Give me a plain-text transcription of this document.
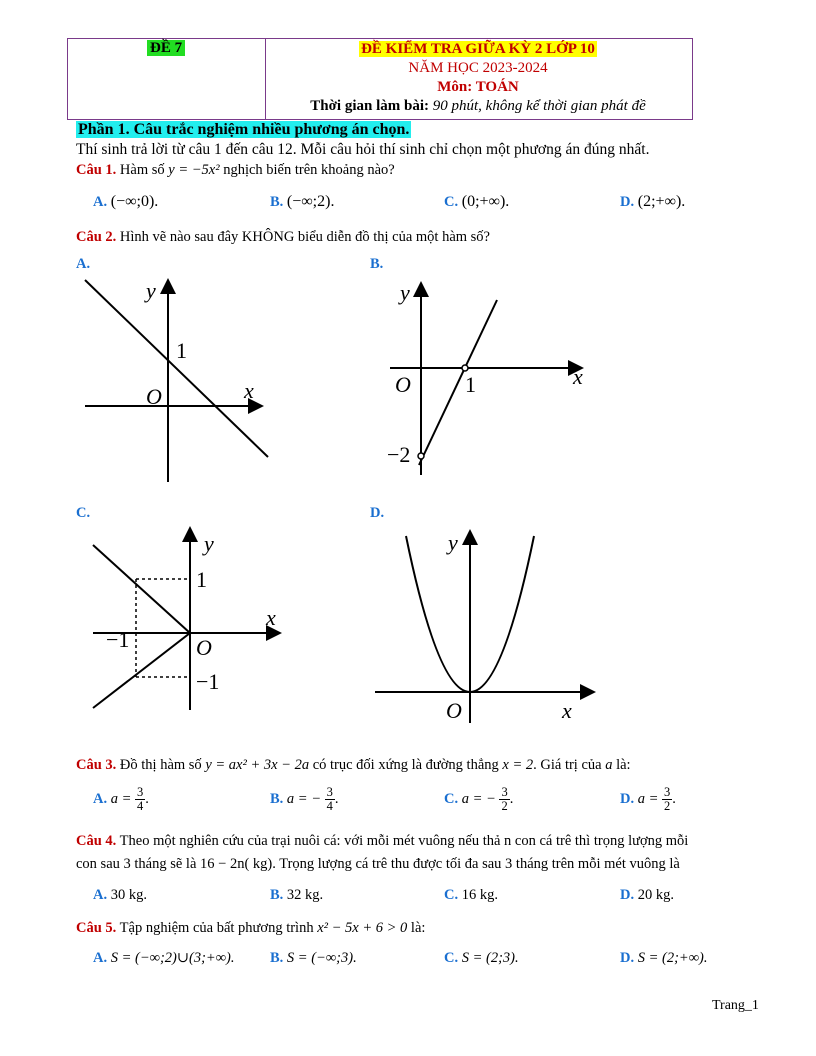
ĐỀ 7	ĐỀ KIỂM TRA GIỮA KỲ 2 LỚP 10
NĂM HỌC 2023-2024
Môn: TOÁN
Thời gian làm bài: 90 phút, không kể thời gian phát đề
Phần 1. Câu trắc nghiệm nhiều phương án chọn.
Thí sinh trả lời từ câu 1 đến câu 12. Mỗi câu hỏi thí sinh chỉ chọn một phương án đúng nhất.
Câu 1. Hàm số y = −5x² nghịch biến trên khoảng nào?
A. (−∞;0).	B. (−∞;2).	C. (0;+∞).	D. (2;+∞).
Câu 2. Hình vẽ nào sau đây KHÔNG biểu diễn đồ thị của một hàm số?
A.	B.
C.	D.
y
x
O
1
y
x
O 1
−2
y
x
O
1
−1
−1
y
x
O
Câu 3. Đồ thị hàm số y = ax² + 3x − 2a có trục đối xứng là đường thẳng x = 2. Giá trị của a là:
A. $a = \frac{3}{4}$ .	B. a = − $\frac{3}{4}$ .	C. a = − $\frac{3}{2}$ .	D. $a = \frac{3}{2}$ .
Câu 4. Theo một nghiên cứu của trại nuôi cá: với mỗi mét vuông nếu thả n con cá trê thì trọng lượng mỗi
con sau 3 tháng sẽ là 16 − 2n( kg). Trọng lượng cá trê thu được tối đa sau 3 tháng trên mỗi mét vuông là
A. 30 kg.	B. 32 kg.	C. 16 kg.	D. 20 kg.
Câu 5. Tập nghiệm của bất phương trình x² − 5x + 6 > 0 là:
A. S = (−∞;2)∪(3;+∞). B. S = (−∞;3).	C. S = (2;3).	D. S = (2;+∞).
Trang_1
